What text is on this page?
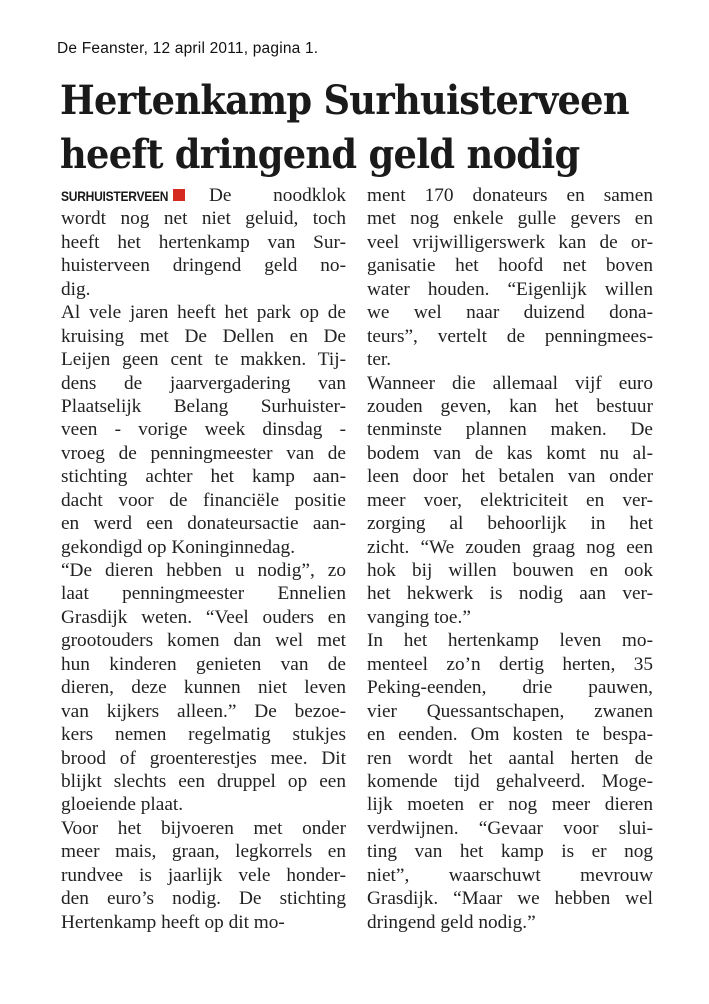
De Feanster, 12 april 2011, pagina 1.
Hertenkamp Surhuisterveen
heeft dringend geld nodig
SURHUISTERVEEN De noodklok
wordt nog net niet geluid, toch
heeft het hertenkamp van Sur-
huisterveen dringend geld no-
dig.
Al vele jaren heeft het park op de
kruising met De Dellen en De
Leijen geen cent te makken. Tij-
dens de jaarvergadering van
Plaatselijk Belang Surhuister-
veen - vorige week dinsdag -
vroeg de penningmeester van de
stichting achter het kamp aan-
dacht voor de financiële positie
en werd een donateursactie aan-
gekondigd op Koninginnedag.
“De dieren hebben u nodig”, zo
laat penningmeester Ennelien
Grasdijk weten. “Veel ouders en
grootouders komen dan wel met
hun kinderen genieten van de
dieren, deze kunnen niet leven
van kijkers alleen.” De bezoe-
kers nemen regelmatig stukjes
brood of groenterestjes mee. Dit
blijkt slechts een druppel op een
gloeiende plaat.
Voor het bijvoeren met onder
meer mais, graan, legkorrels en
rundvee is jaarlijk vele honder-
den euro’s nodig. De stichting
Hertenkamp heeft op dit mo-
ment 170 donateurs en samen
met nog enkele gulle gevers en
veel vrijwilligerswerk kan de or-
ganisatie het hoofd net boven
water houden. “Eigenlijk willen
we wel naar duizend dona-
teurs”, vertelt de penningmees-
ter.
Wanneer die allemaal vijf euro
zouden geven, kan het bestuur
tenminste plannen maken. De
bodem van de kas komt nu al-
leen door het betalen van onder
meer voer, elektriciteit en ver-
zorging al behoorlijk in het
zicht. “We zouden graag nog een
hok bij willen bouwen en ook
het hekwerk is nodig aan ver-
vanging toe.”
In het hertenkamp leven mo-
menteel zo’n dertig herten, 35
Peking-eenden, drie pauwen,
vier Quessantschapen, zwanen
en eenden. Om kosten te bespa-
ren wordt het aantal herten de
komende tijd gehalveerd. Moge-
lijk moeten er nog meer dieren
verdwijnen. “Gevaar voor slui-
ting van het kamp is er nog
niet”, waarschuwt mevrouw
Grasdijk. “Maar we hebben wel
dringend geld nodig.”
